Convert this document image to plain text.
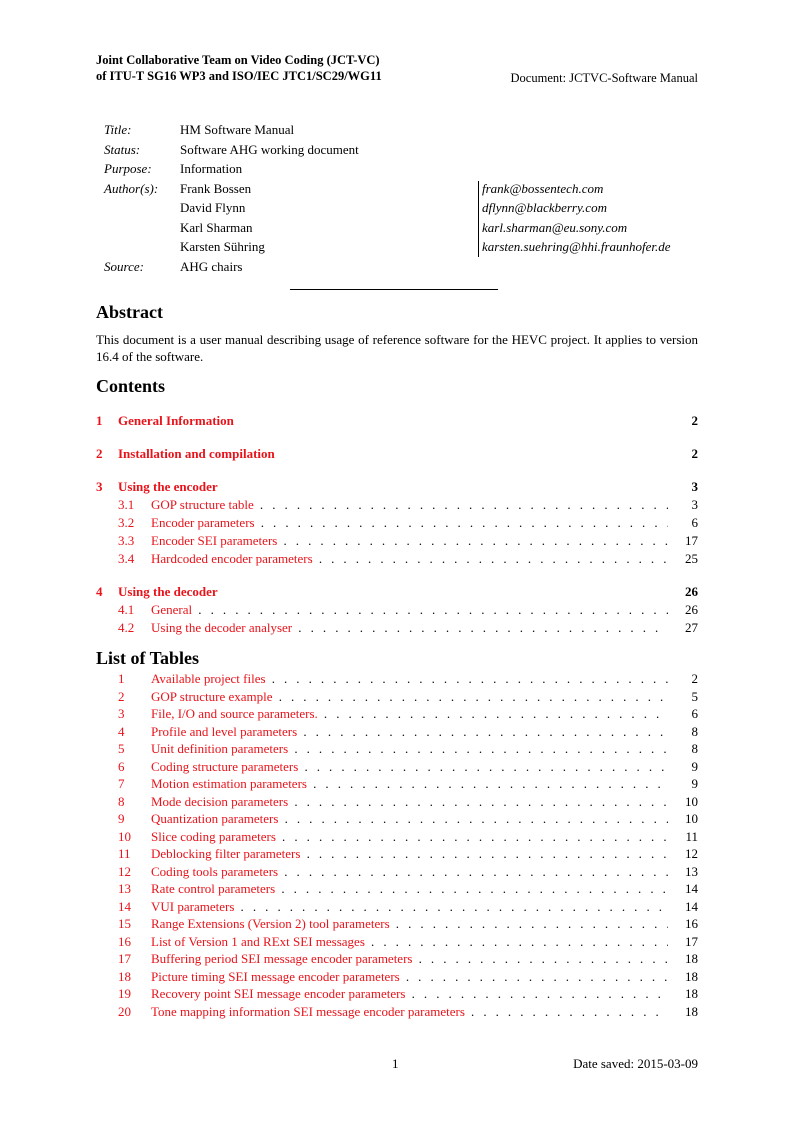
Joint Collaborative Team on Video Coding (JCT-VC)
of ITU-T SG16 WP3 and ISO/IEC JTC1/SC29/WG11	Document: JCTVC-Software Manual
Title:	HM Software Manual
Status:	Software AHG working document
Purpose: Information
Author(s): Frank Bossen	frank@bossentech.com
David Flynn	dflynn@blackberry.com
Karl Sharman	karl.sharman@eu.sony.com
Karsten Sühring	karsten.suehring@hhi.fraunhofer.de
Source:	AHG chairs
Abstract
This document is a user manual describing usage of reference software for the HEVC project. It applies to version 16.4 of the software.
Contents
1 General Information	2
2 Installation and compilation	2
3 Using the encoder	3
3.1 GOP structure table . . .	3
3.2 Encoder parameters . . .	6
3.3 Encoder SEI parameters . . .	17
3.4 Hardcoded encoder parameters . . .	25
4 Using the decoder	26
4.1 General . . .	26
4.2 Using the decoder analyser . . .	27
List of Tables
1 Available project files . . .	2
2 GOP structure example . . .	5
3 File, I/O and source parameters. . . .	6
4 Profile and level parameters . . .	8
5 Unit definition parameters . . .	8
6 Coding structure parameters . . .	9
7 Motion estimation parameters . . .	9
8 Mode decision parameters . . .	10
9 Quantization parameters . . .	10
10 Slice coding parameters . . .	11
11 Deblocking filter parameters . . .	12
12 Coding tools parameters . . .	13
13 Rate control parameters . . .	14
14 VUI parameters . . .	14
15 Range Extensions (Version 2) tool parameters . . .	16
16 List of Version 1 and RExt SEI messages . . .	17
17 Buffering period SEI message encoder parameters . . .	18
18 Picture timing SEI message encoder parameters . . .	18
19 Recovery point SEI message encoder parameters . . .	18
20 Tone mapping information SEI message encoder parameters . . .	18
1	Date saved: 2015-03-09
